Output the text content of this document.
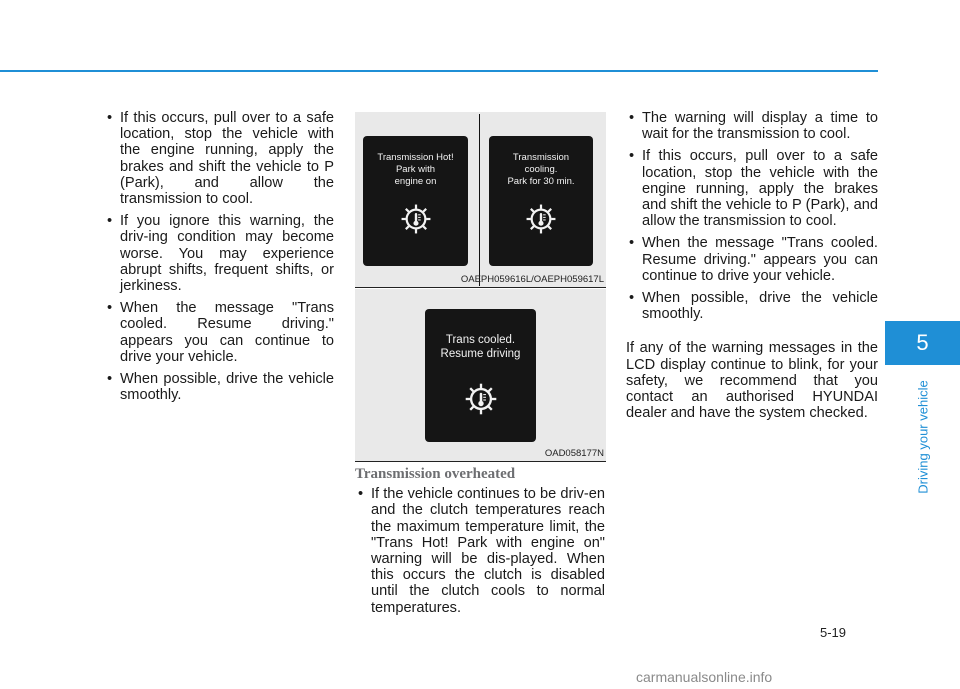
• If this occurs, pull over to a safe location, stop the vehicle with the engine running, apply the brakes and shift the vehicle to P (Park), and allow the transmission to cool.
• If you ignore this warning, the driv-ing condition may become worse. You may experience abrupt shifts, frequent shifts, or jerkiness.
• When the message "Trans cooled. Resume driving." appears you can continue to drive your vehicle.
• When possible, drive the vehicle smoothly.
Transmission Hot!
Park with
engine on
Transmission
cooling.
Park for 30 min.
OAEPH059616L/OAEPH059617L
Trans cooled.
Resume driving
OAD058177N
Transmission overheated
• If the vehicle continues to be driv-en and the clutch temperatures reach the maximum temperature limit, the "Trans Hot! Park with engine on" warning will be dis-played. When this occurs the clutch is disabled until the clutch cools to normal temperatures.
• The warning will display a time to wait for the transmission to cool.
• If this occurs, pull over to a safe location, stop the vehicle with the engine running, apply the brakes and shift the vehicle to P (Park), and allow the transmission to cool.
• When the message "Trans cooled. Resume driving." appears you can continue to drive your vehicle.
• When possible, drive the vehicle smoothly.
If any of the warning messages in the LCD display continue to blink, for your safety, we recommend that you contact an authorised HYUNDAI dealer and have the system checked.
5
Driving your vehicle
5-19
carmanualsonline.info
